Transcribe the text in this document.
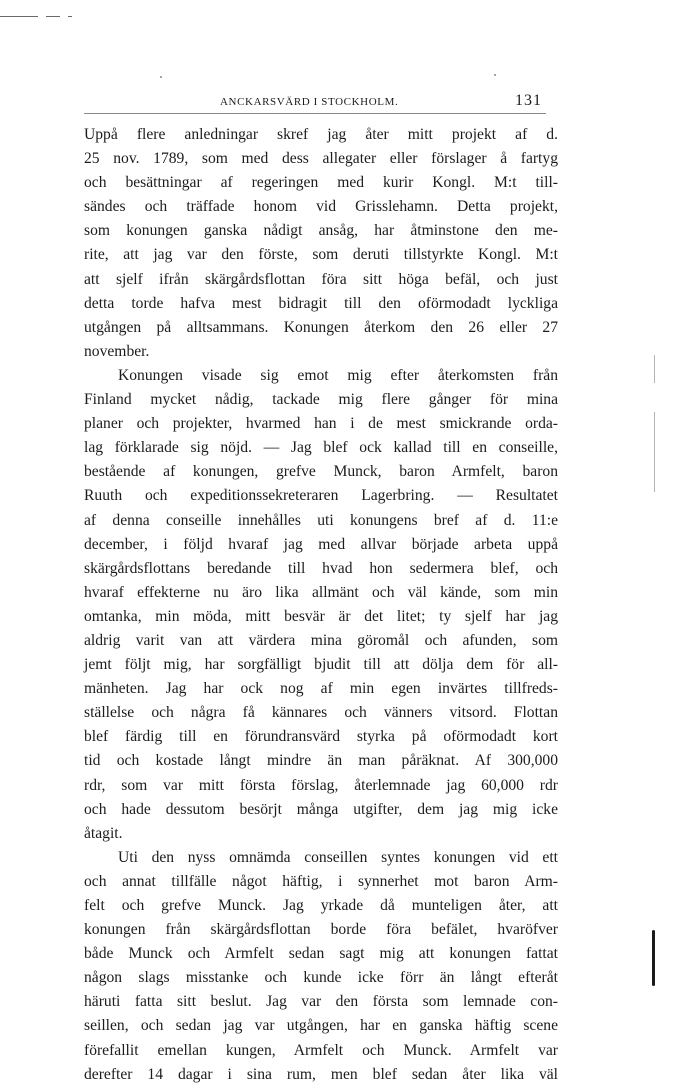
ANCKARSVÄRD I STOCKHOLM.	131
Uppå flere anledningar skref jag åter mitt projekt af d.
25 nov. 1789, som med dess allegater eller förslager å fartyg
och besättningar af regeringen med kurir Kongl. M:t till-
sändes och träffade honom vid Grisslehamn. Detta projekt,
som konungen ganska nådigt ansåg, har åtminstone den me-
rite, att jag var den förste, som deruti tillstyrkte Kongl. M:t
att sjelf ifrån skärgårdsflottan föra sitt höga befäl, och just
detta torde hafva mest bidragit till den oförmodadt lyckliga
utgången på alltsammans. Konungen återkom den 26 eller 27
november.
Konungen visade sig emot mig efter återkomsten från
Finland mycket nådig, tackade mig flere gånger för mina
planer och projekter, hvarmed han i de mest smickrande orda-
lag förklarade sig nöjd. — Jag blef ock kallad till en conseille,
bestående af konungen, grefve Munck, baron Armfelt, baron
Ruuth och expeditionssekreteraren Lagerbring. — Resultatet
af denna conseille innehålles uti konungens bref af d. 11:e
december, i följd hvaraf jag med allvar började arbeta uppå
skärgårdsflottans beredande till hvad hon sedermera blef, och
hvaraf effekterne nu äro lika allmänt och väl kände, som min
omtanka, min möda, mitt besvär är det litet; ty sjelf har jag
aldrig varit van att värdera mina göromål och afunden, som
jemt följt mig, har sorgfälligt bjudit till att dölja dem för all-
mänheten. Jag har ock nog af min egen invärtes tillfreds-
ställelse och några få kännares och vänners vitsord. Flottan
blef färdig till en förundransvärd styrka på oförmodadt kort
tid och kostade långt mindre än man påräknat. Af 300,000
rdr, som var mitt första förslag, återlemnade jag 60,000 rdr
och hade dessutom besörjt många utgifter, dem jag mig icke
åtagit.
Uti den nyss omnämda conseillen syntes konungen vid ett
och annat tillfälle något häftig, i synnerhet mot baron Arm-
felt och grefve Munck. Jag yrkade då munteligen åter, att
konungen från skärgårdsflottan borde föra befälet, hvaröfver
både Munck och Armfelt sedan sagt mig att konungen fattat
någon slags misstanke och kunde icke förr än långt efteråt
häruti fatta sitt beslut. Jag var den första som lemnade con-
seillen, och sedan jag var utgången, har en ganska häftig scene
förefallit emellan kungen, Armfelt och Munck. Armfelt var
derefter 14 dagar i sina rum, men blef sedan åter lika väl
